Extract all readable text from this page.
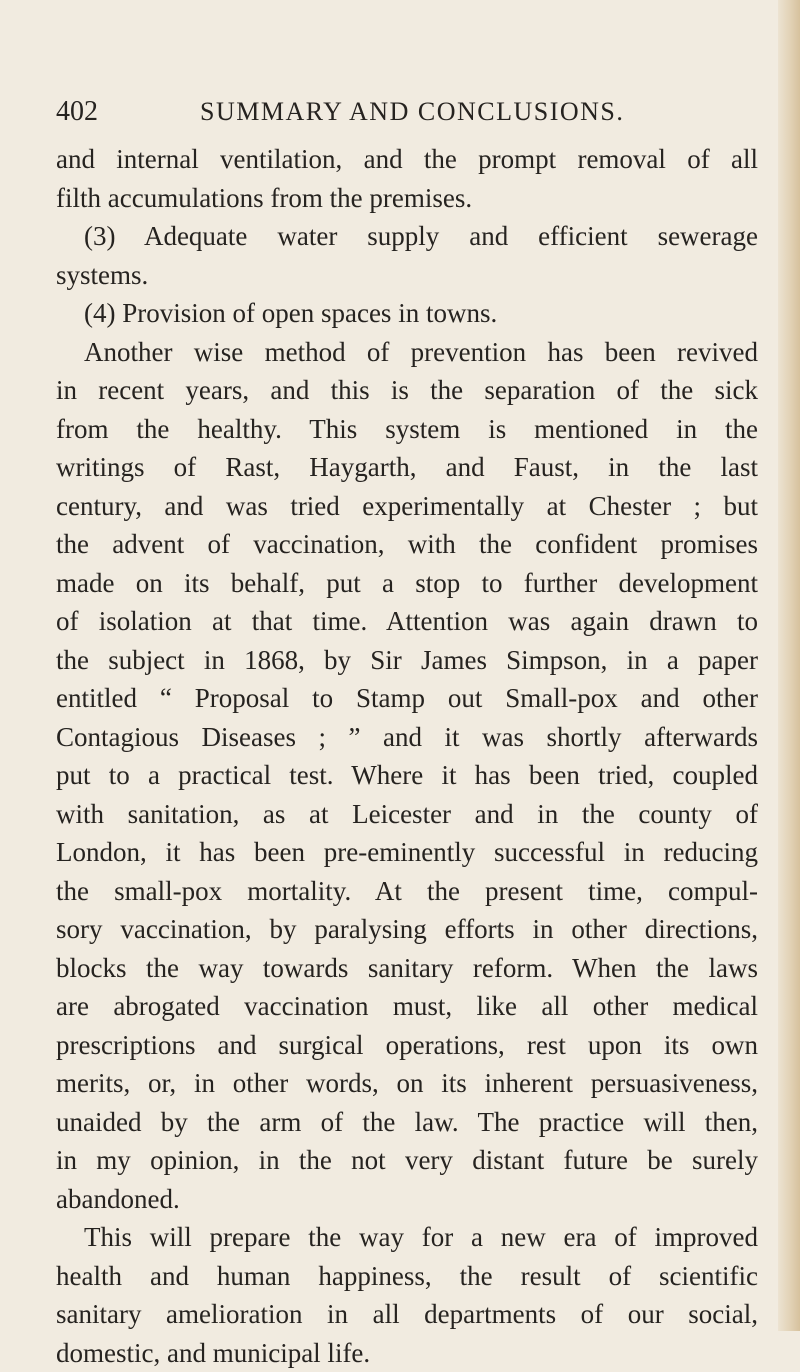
402	SUMMARY AND CONCLUSIONS.
and internal ventilation, and the prompt removal of all
filth accumulations from the premises.
(3) Adequate water supply and efficient sewerage
systems.
(4) Provision of open spaces in towns.
Another wise method of prevention has been revived
in recent years, and this is the separation of the sick
from the healthy. This system is mentioned in the
writings of Rast, Haygarth, and Faust, in the last
century, and was tried experimentally at Chester ; but
the advent of vaccination, with the confident promises
made on its behalf, put a stop to further development
of isolation at that time. Attention was again drawn to
the subject in 1868, by Sir James Simpson, in a paper
entitled “ Proposal to Stamp out Small-pox and other
Contagious Diseases ; ” and it was shortly afterwards
put to a practical test. Where it has been tried, coupled
with sanitation, as at Leicester and in the county of
London, it has been pre-eminently successful in reducing
the small-pox mortality. At the present time, compul-
sory vaccination, by paralysing efforts in other directions,
blocks the way towards sanitary reform. When the laws
are abrogated vaccination must, like all other medical
prescriptions and surgical operations, rest upon its own
merits, or, in other words, on its inherent persuasiveness,
unaided by the arm of the law. The practice will then,
in my opinion, in the not very distant future be surely
abandoned.
This will prepare the way for a new era of improved
health and human happiness, the result of scientific
sanitary amelioration in all departments of our social,
domestic, and municipal life.
